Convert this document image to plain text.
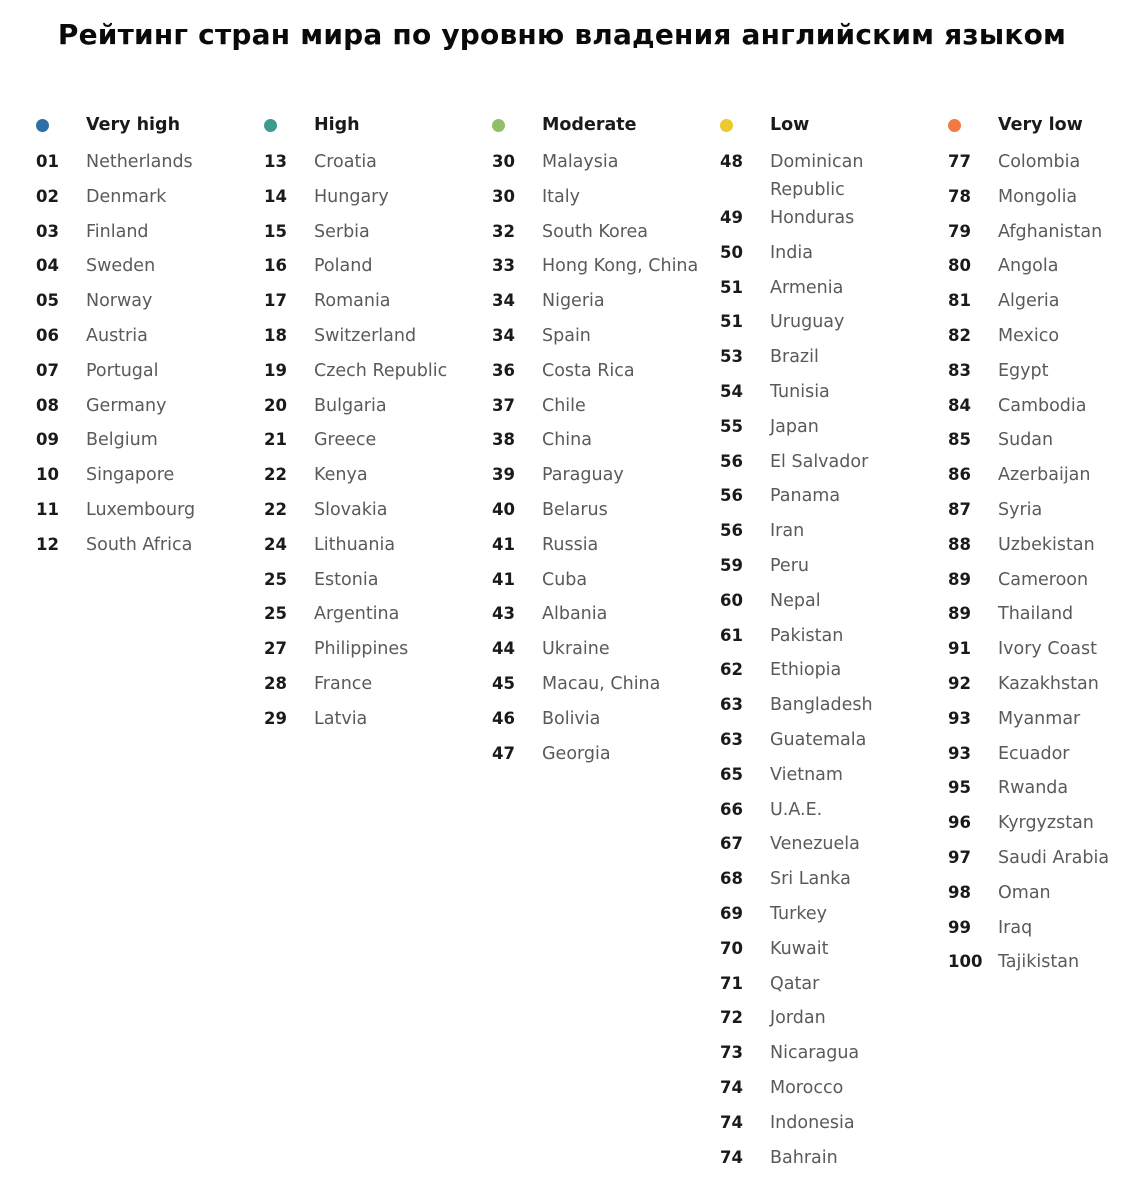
Рейтинг стран мира по уровню владения английским языком
Very high
01	Netherlands
02	Denmark
03	Finland
04	Sweden
05	Norway
06	Austria
07	Portugal
08	Germany
09	Belgium
10	Singapore
11	Luxembourg
12	South Africa
High
13	Croatia
14	Hungary
15	Serbia
16	Poland
17	Romania
18	Switzerland
19	Czech Republic
20	Bulgaria
21	Greece
22	Kenya
22	Slovakia
24	Lithuania
25	Estonia
25	Argentina
27	Philippines
28	France
29	Latvia
Moderate
30	Malaysia
30	Italy
32	South Korea
33	Hong Kong, China
34	Nigeria
34	Spain
36	Costa Rica
37	Chile
38	China
39	Paraguay
40	Belarus
41	Russia
41	Cuba
43	Albania
44	Ukraine
45	Macau, China
46	Bolivia
47	Georgia
Low
48	Dominican Republic
49	Honduras
50	India
51	Armenia
51	Uruguay
53	Brazil
54	Tunisia
55	Japan
56	El Salvador
56	Panama
56	Iran
59	Peru
60	Nepal
61	Pakistan
62	Ethiopia
63	Bangladesh
63	Guatemala
65	Vietnam
66	U.A.E.
67	Venezuela
68	Sri Lanka
69	Turkey
70	Kuwait
71	Qatar
72	Jordan
73	Nicaragua
74	Morocco
74	Indonesia
74	Bahrain
Very low
77	Colombia
78	Mongolia
79	Afghanistan
80	Angola
81	Algeria
82	Mexico
83	Egypt
84	Cambodia
85	Sudan
86	Azerbaijan
87	Syria
88	Uzbekistan
89	Cameroon
89	Thailand
91	Ivory Coast
92	Kazakhstan
93	Myanmar
93	Ecuador
95	Rwanda
96	Kyrgyzstan
97	Saudi Arabia
98	Oman
99	Iraq
100 Tajikistan
